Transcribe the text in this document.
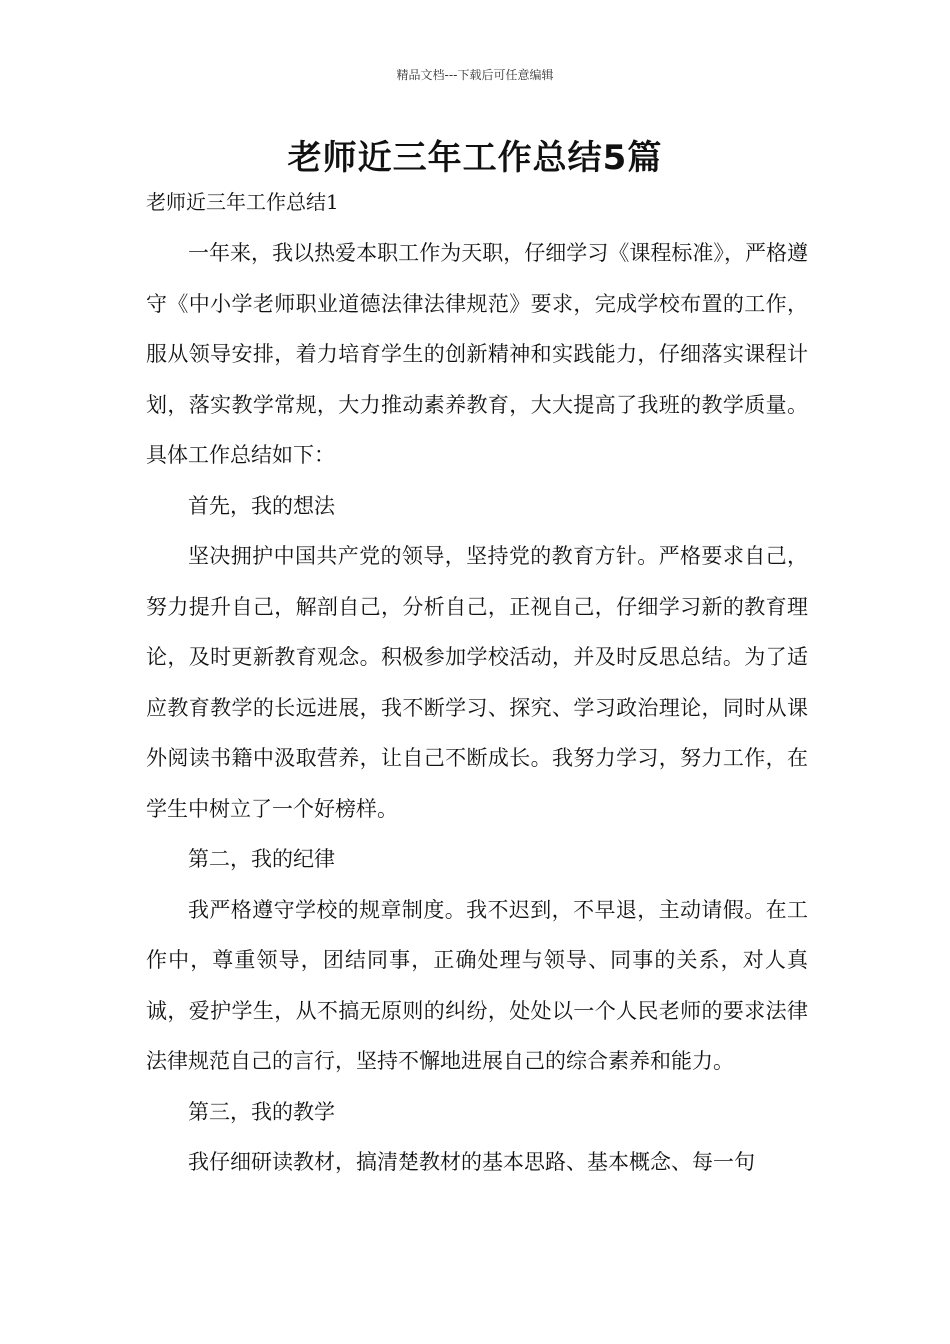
精品文档---下载后可任意编辑
老师近三年工作总结5篇
老师近三年工作总结1

一年来，我以热爱本职工作为天职，仔细学习《课程标准》，严格遵守《中小学老师职业道德法律法律规范》要求，完成学校布置的工作，服从领导安排，着力培育学生的创新精神和实践能力，仔细落实课程计划，落实教学常规，大力推动素养教育，大大提高了我班的教学质量。具体工作总结如下：

首先，我的想法

坚决拥护中国共产党的领导，坚持党的教育方针。严格要求自己，努力提升自己，解剖自己，分析自己，正视自己，仔细学习新的教育理论，及时更新教育观念。积极参加学校活动，并及时反思总结。为了适应教育教学的长远进展，我不断学习、探究、学习政治理论，同时从课外阅读书籍中汲取营养，让自己不断成长。我努力学习，努力工作，在学生中树立了一个好榜样。

第二，我的纪律

我严格遵守学校的规章制度。我不迟到，不早退，主动请假。在工作中，尊重领导，团结同事，正确处理与领导、同事的关系，对人真诚，爱护学生，从不搞无原则的纠纷，处处以一个人民老师的要求法律法律规范自己的言行，坚持不懈地进展自己的综合素养和能力。

第三，我的教学

我仔细研读教材，搞清楚教材的基本思路、基本概念、每一句
